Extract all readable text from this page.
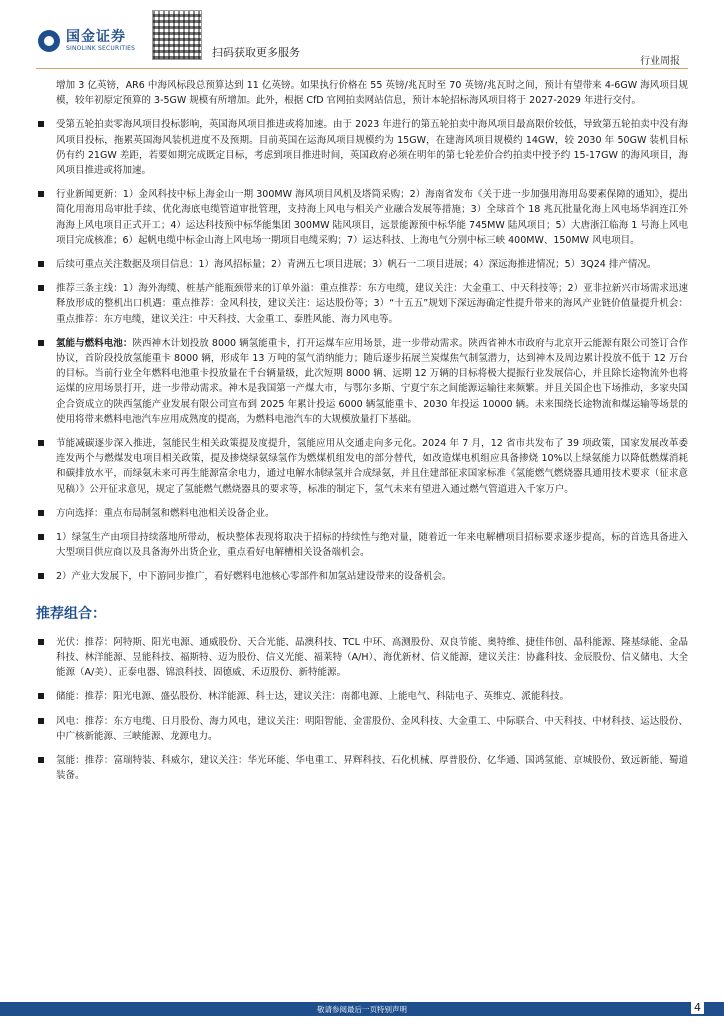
国金证券
SINOLINK SECURITIES	扫码获取更多服务
行业周报

增加 3 亿英镑，AR6 中海风标段总预算达到 11 亿英镑。如果执行价格在 55 英镑/兆瓦时至 70 英镑/兆瓦时之间，预计有望带来 4-6GW 海风项目规模，较年初原定预算的 3-5GW 规模有所增加。此外，根据 CfD 官网拍卖网站信息，预计本轮招标海风项目将于 2027-2029 年进行交付。

受第五轮拍卖零海风项目投标影响，英国海风项目推进或将加速。由于 2023 年进行的第五轮拍卖中海风项目最高限价较低，导致第五轮拍卖中没有海风项目投标，拖累英国海风装机进度不及预期。目前英国在运海风项目规模约为 15GW，在建海风项目规模约 14GW，较 2030 年 50GW 装机目标仍有约 21GW 差距，若要如期完成既定目标，考虑到项目推进时间，英国政府必须在明年的第七轮差价合约拍卖中授予约 15-17GW 的海风项目，海风项目推进或将加速。
行业新闻更新：1）金风科技中标上海金山一期 300MW 海风项目风机及塔筒采购；2）海南省发布《关于进一步加强用海用岛要素保障的通知》，提出简化用海用岛审批手续、优化海底电缆管道审批管理，支持海上风电与相关产业融合发展等措施；3）全球首个 18 兆瓦批量化海上风电场华润连江外海海上风电项目正式开工；4）运达科技预中标华能集团 300MW 陆风项目，远景能源预中标华能 745MW 陆风项目；5）大唐浙江临海 1 号海上风电项目完成核准；6）起帆电缆中标金山海上风电场一期项目电缆采购；7）运达科技、上海电气分别中标三峡 400MW、150MW 风电项目。
后续可重点关注数据及项目信息：1）海风招标量；2）青洲五七项目进展；3）帆石一二项目进展；4）深远海推进情况；5）3Q24 排产情况。
推荐三条主线：1）海外海缆、桩基产能瓶颈带来的订单外溢：重点推荐：东方电缆，建议关注：大金重工、中天科技等；2）亚非拉新兴市场需求迅速释放形成的整机出口机遇：重点推荐：金风科技，建议关注：运达股份等；3）“十五五”规划下深远海确定性提升带来的海风产业链价值量提升机会：重点推荐：东方电缆，建议关注：中天科技、大金重工、泰胜风能、海力风电等。
氢能与燃料电池：陕西神木计划投放 8000 辆氢能重卡，打开运煤车应用场景，进一步带动需求。陕西省神木市政府与北京开云能源有限公司签订合作协议，首阶段投放氢能重卡 8000 辆，形成年 13 万吨的氢气消纳能力；随后逐步拓展兰炭煤焦气制氢潜力，达到神木及周边累计投放不低于 12 万台的目标。当前行业全年燃料电池重卡投放量在千台辆量级，此次短期 8000 辆、远期 12 万辆的目标将极大提振行业发展信心，并且除长途物流外也将运煤的应用场景打开，进一步带动需求。神木是我国第一产煤大市，与鄂尔多斯、宁夏宁东之间能源运输往来频繁。并且关国企也下场推动，多家央国企合资成立的陕西氢能产业发展有限公司宣布到 2025 年累计投运 6000 辆氢能重卡、2030 年投运 10000 辆。未来围绕长途物流和煤运输等场景的使用将带来燃料电池汽车应用成熟度的提高，为燃料电池汽车的大规模放量打下基础。
节能减碳逐步深入推进，氢能民生相关政策提及度提升，氢能应用从交通走向多元化。2024 年 7 月，12 省市共发布了 39 项政策，国家发展改革委连发两个与燃煤发电项目相关政策，提及掺烧绿氨绿氢作为燃煤机组发电的部分替代，如改造煤电机组应具备掺烧 10%以上绿氨能力以降低燃煤消耗和碳排放水平，而绿氨未来可再生能源富余电力，通过电解水制绿氢并合成绿氨，并且住建部征求国家标准《氢能燃气燃烧器具通用技术要求（征求意见稿）》公开征求意见，规定了氢能燃气燃烧器具的要求等，标准的制定下，氢气未来有望进入通过燃气管道进入千家万户。
方向选择：重点布局制氢和燃料电池相关设备企业。
1）绿氢生产由项目持续落地所带动，板块整体表现将取决于招标的持续性与绝对量，随着近一年来电解槽项目招标要求逐步提高，标的首选具备进入大型项目供应商以及具备海外出货企业，重点看好电解槽相关设备端机会。
2）产业大发展下，中下游同步推广，看好燃料电池核心零部件和加氢站建设带来的设备机会。
推荐组合：
光伏：推荐：阿特斯、阳光电源、通威股份、天合光能、晶澳科技、TCL 中环、高测股份、双良节能、奥特维、捷佳伟创、晶科能源、隆基绿能、金晶科技、林洋能源、昱能科技、福斯特、迈为股份、信义光能、福莱特（A/H）、海优新材、信义能源，建议关注：协鑫科技、金辰股份、信义储电、大全能源（A/美）、正泰电器、锦浪科技、固德威、禾迈股份、新特能源。
储能：推荐：阳光电源、盛弘股份、林洋能源、科士达，建议关注：南都电源、上能电气、科陆电子、英维克、派能科技。
风电：推荐：东方电缆、日月股份、海力风电，建议关注：明阳智能、金雷股份、金风科技、大金重工、中际联合、中天科技、中材科技、运达股份、中广核新能源、三峡能源、龙源电力。
氢能：推荐：富瑞特装、科威尔，建议关注：华光环能、华电重工、昇辉科技、石化机械、厚普股份、亿华通、国鸿氢能、京城股份、致远新能、蜀道装备。
敬请参阅最后一页特别声明	4
